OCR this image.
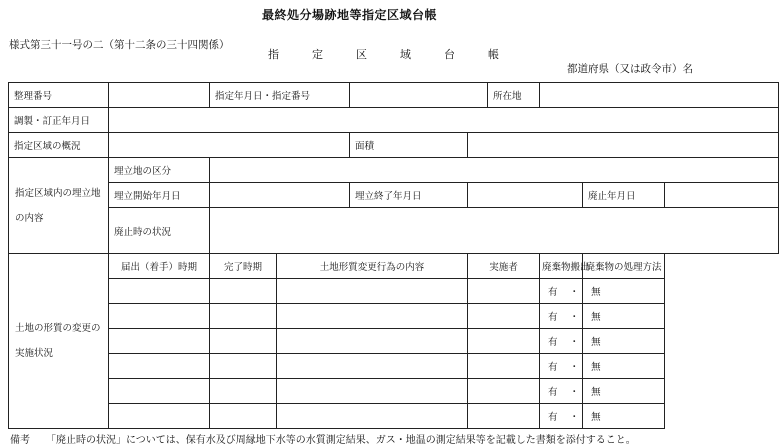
最終処分場跡地等指定区域台帳
様式第三十一号の二（第十二条の三十四関係）
指	定	区	域	台	帳
都道府県（又は政令市）名
整理番号		指定年月日・指定番号				所在地			
調製・訂正年月日									
指定区域の概況				面積					
指定区域内の埋立地の内容	埋立地の区分								
	埋立開始年月日			埋立終了年月日				廃止年月日	
	廃止時の状況								
土地の形質の変更の実施状況	届出（着手）時期	完了時期	土地形質変更行為の内容		実施者		廃棄物搬出	廃棄物の処理方法	
							有 ・ 無		
							有 ・ 無		
							有 ・ 無		
							有 ・ 無		
							有 ・ 無		
							有 ・ 無		
備考 「廃止時の状況」については、保有水及び周縁地下水等の水質測定結果、ガス・地温の測定結果等を記載した書類を添付すること。
